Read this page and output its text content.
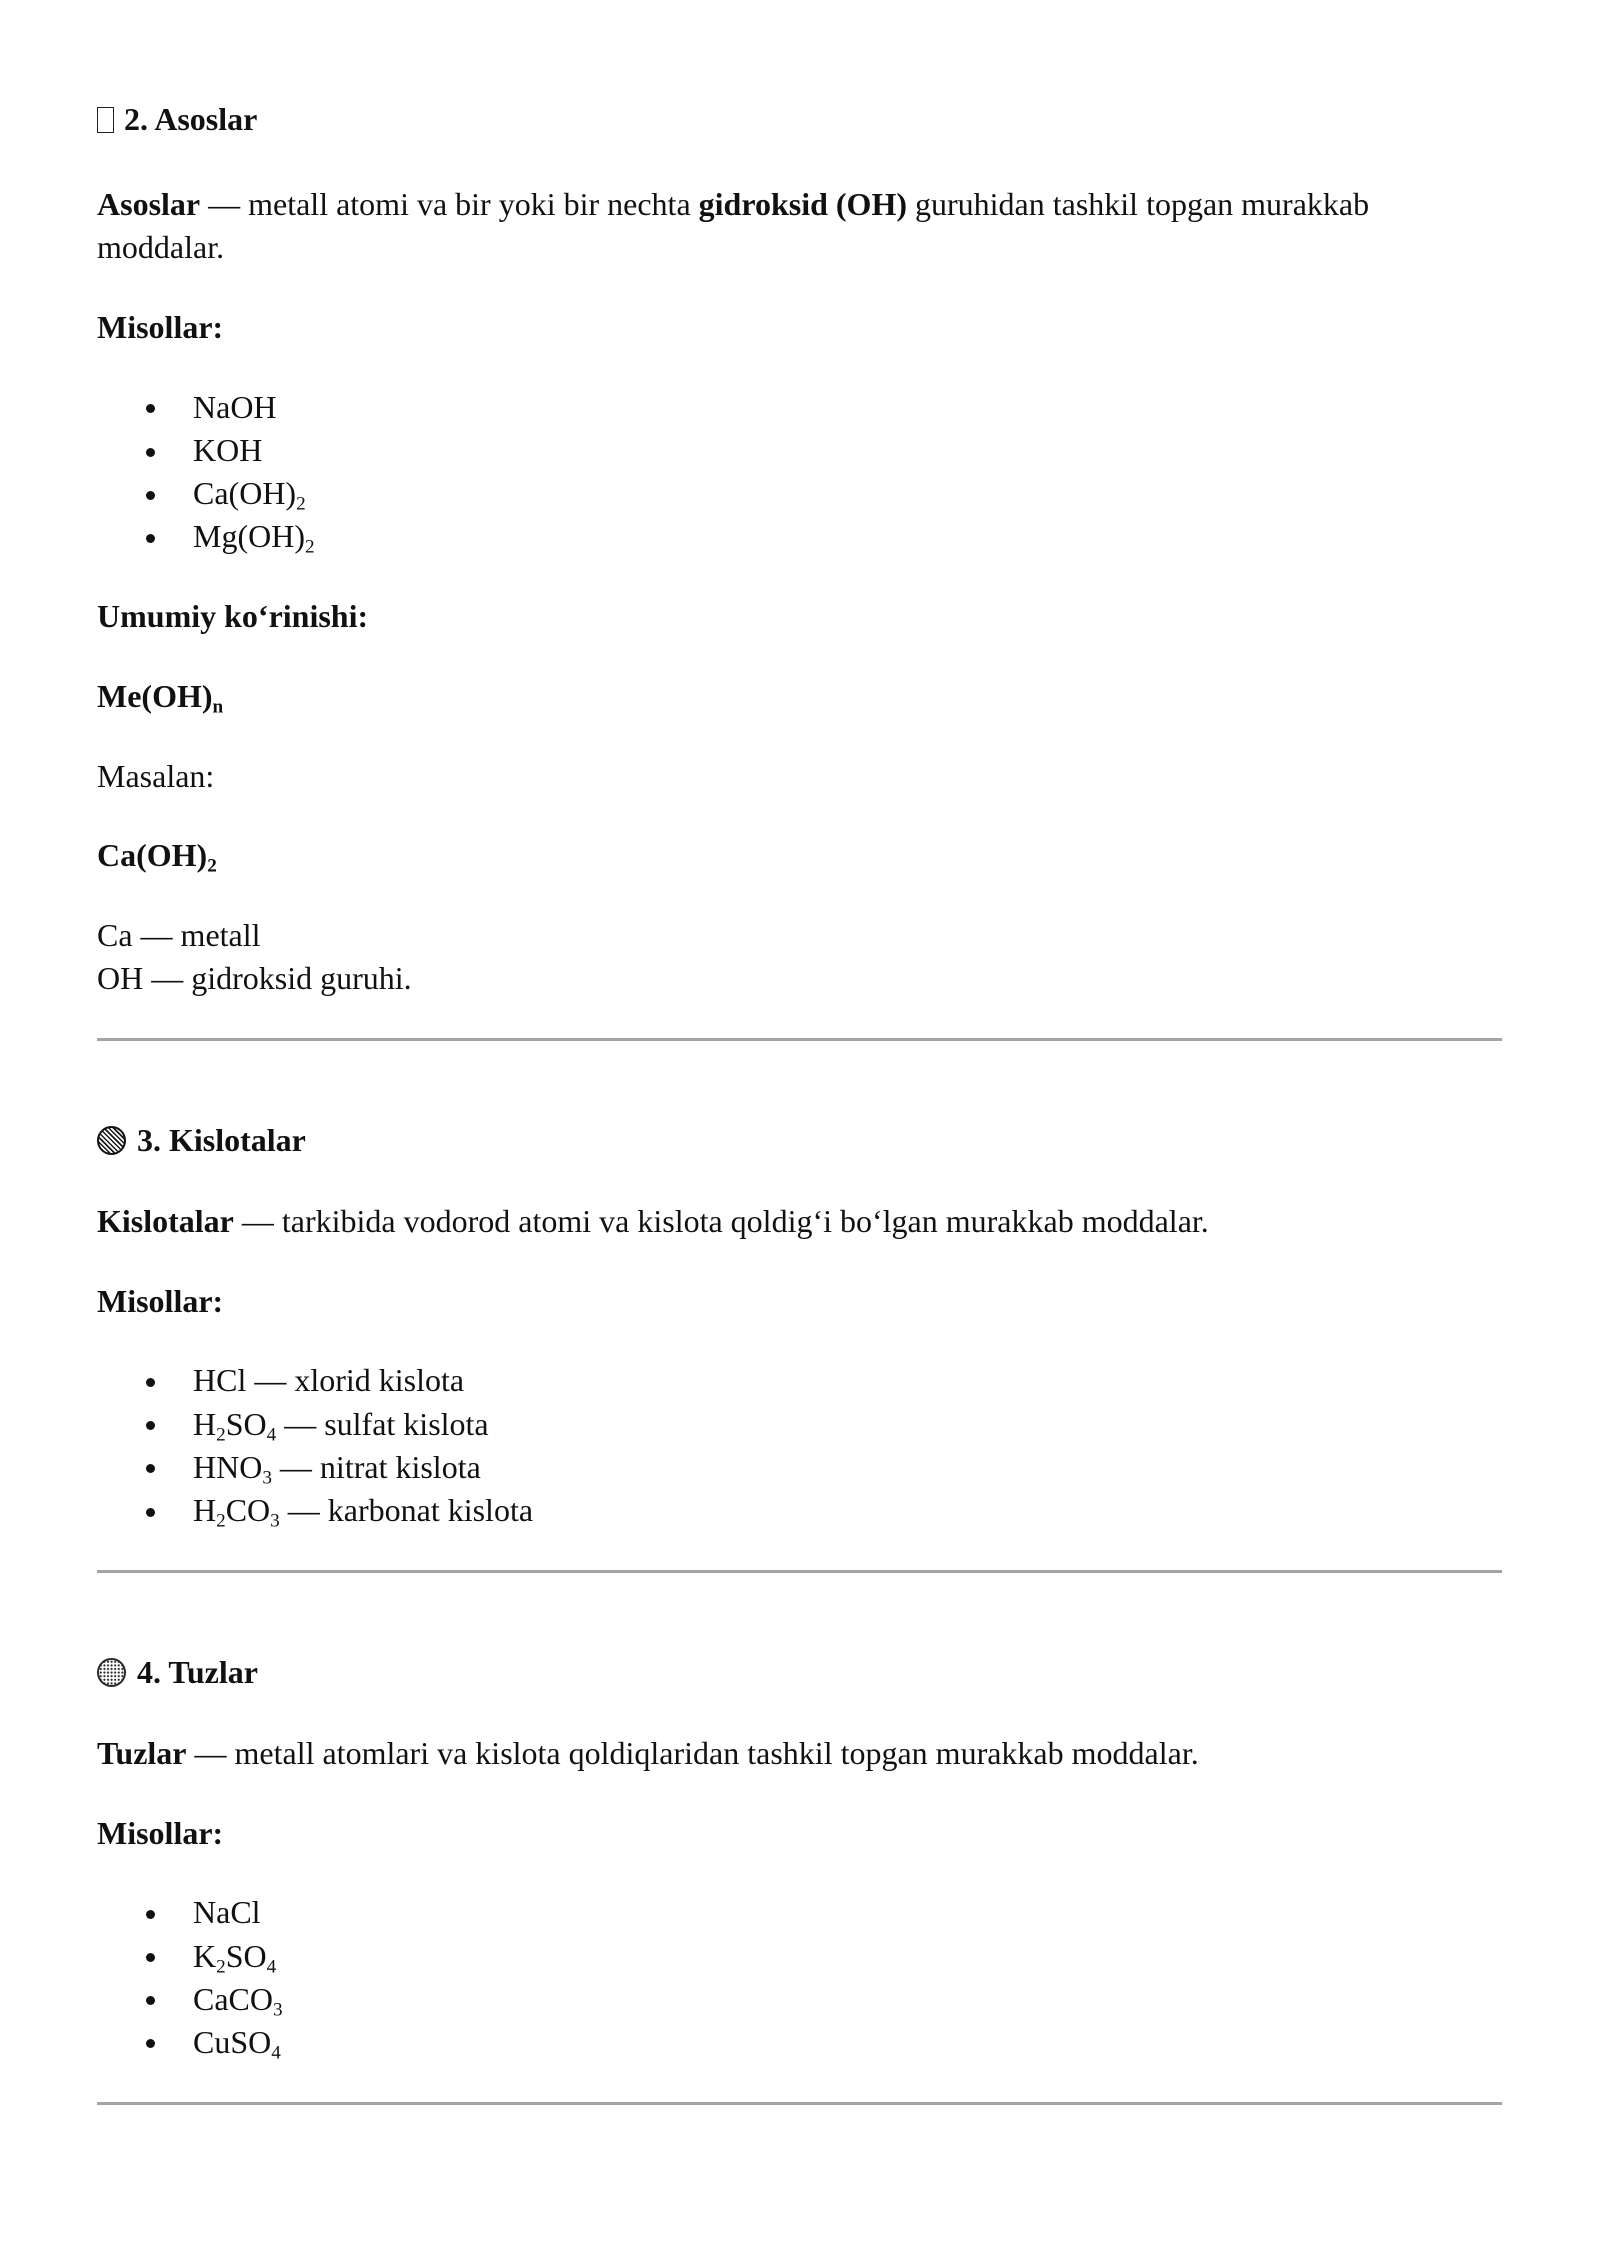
2. Asoslar

Asoslar — metall atomi va bir yoki bir nechta gidroksid (OH) guruhidan tashkil topgan murakkab moddalar.

Misollar:

NaOH
KOH
$Ca(OH)_2$
$Mg(OH)_2$

Umumiy ko‘rinishi:

$Me(OH)_n$

Masalan:

$Ca(OH)_2$

Ca — metall
OH — gidroksid guruhi.
3. Kislotalar

Kislotalar — tarkibida vodorod atomi va kislota qoldig‘i bo‘lgan murakkab moddalar.

Misollar:

HCl — xlorid kislota
$H_2SO_4$ — sulfat kislota
$HNO_3$ — nitrat kislota
$H_2CO_3$ — karbonat kislota
4. Tuzlar

Tuzlar — metall atomlari va kislota qoldiqlaridan tashkil topgan murakkab moddalar.

Misollar:

NaCl
$K_2SO_4$
CaCO$_3$
CuSO$_4$
